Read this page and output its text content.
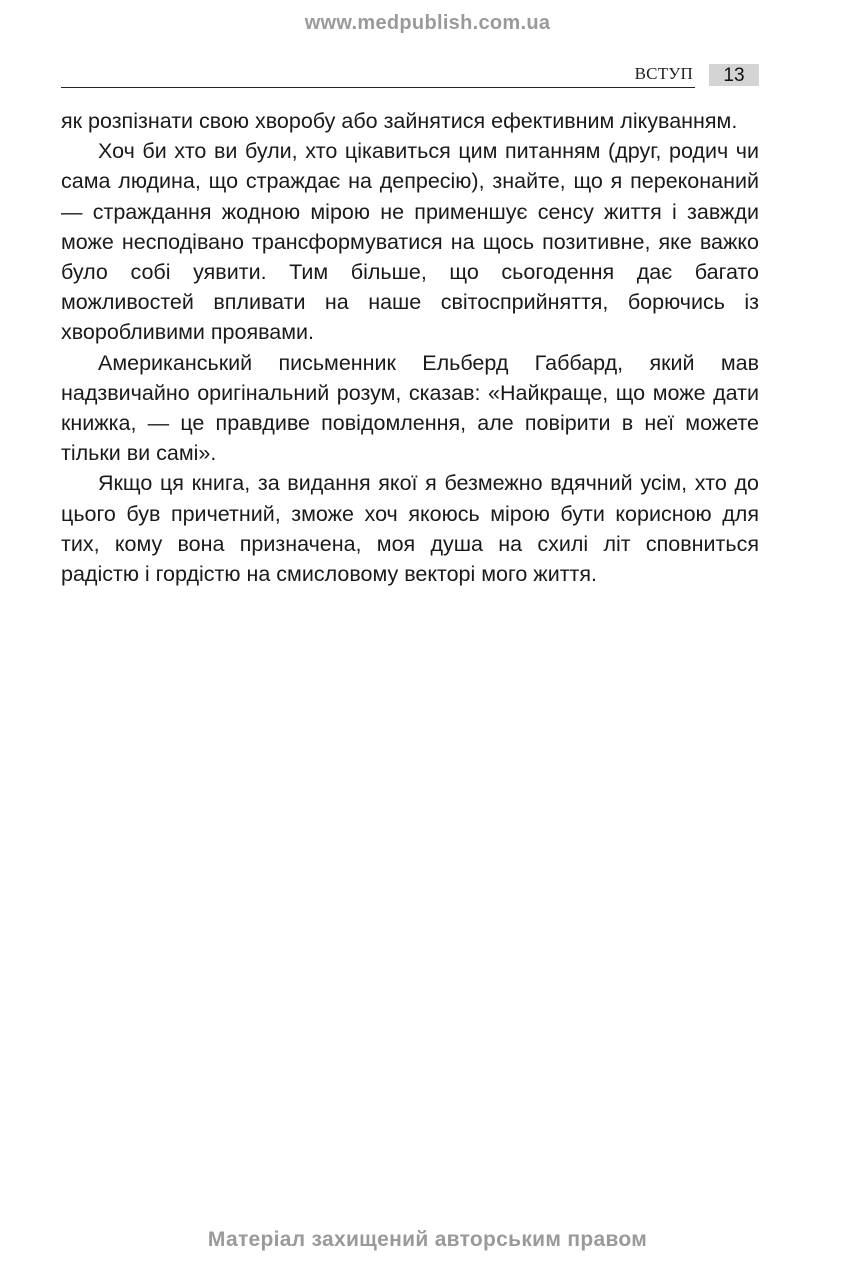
www.medpublish.com.ua
ВСТУП	13

як розпізнати свою хворобу або зайнятися ефективним лікуванням.

Хоч би хто ви були, хто цікавиться цим питанням (друг, родич чи сама людина, що страждає на депресію), знайте, що я переконаний — страждання жодною мірою не применшує сенсу життя і завжди може несподівано трансформуватися на щось позитивне, яке важко було собі уявити. Тим більше, що сьогодення дає багато можливостей впливати на наше світосприйняття, борючись із хворобливими проявами.

Американський письменник Ельберд Габбард, який мав надзвичайно оригінальний розум, сказав: «Найкраще, що може дати книжка, — це правдиве повідомлення, але повірити в неї можете тільки ви самі».

Якщо ця книга, за видання якої я безмежно вдячний усім, хто до цього був причетний, зможе хоч якоюсь мірою бути корисною для тих, кому вона призначена, моя душа на схилі літ сповниться радістю і гордістю на смисловому векторі мого життя.

Матеріал захищений авторським правом
